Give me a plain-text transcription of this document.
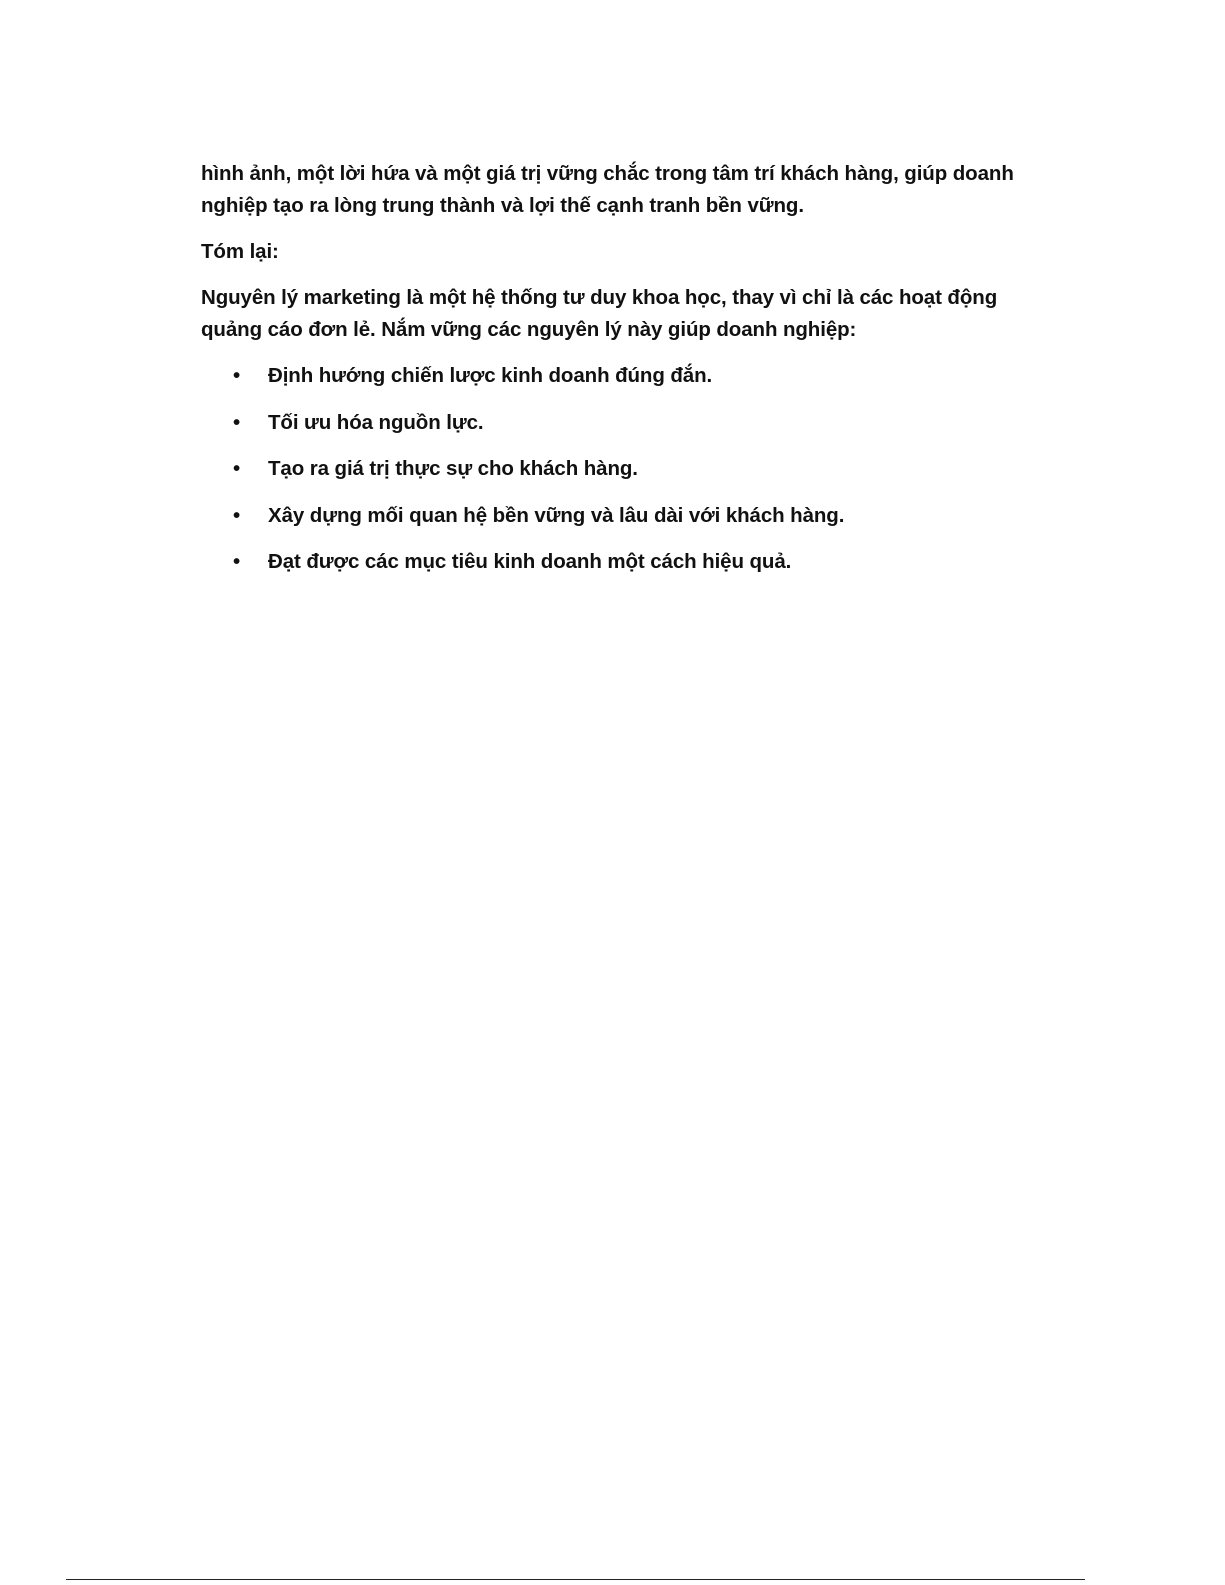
hình ảnh, một lời hứa và một giá trị vững chắc trong tâm trí khách hàng, giúp doanh nghiệp tạo ra lòng trung thành và lợi thế cạnh tranh bền vững.

Tóm lại:

Nguyên lý marketing là một hệ thống tư duy khoa học, thay vì chỉ là các hoạt động quảng cáo đơn lẻ. Nắm vững các nguyên lý này giúp doanh nghiệp:

• Định hướng chiến lược kinh doanh đúng đắn.
• Tối ưu hóa nguồn lực.
• Tạo ra giá trị thực sự cho khách hàng.
• Xây dựng mối quan hệ bền vững và lâu dài với khách hàng.
• Đạt được các mục tiêu kinh doanh một cách hiệu quả.
